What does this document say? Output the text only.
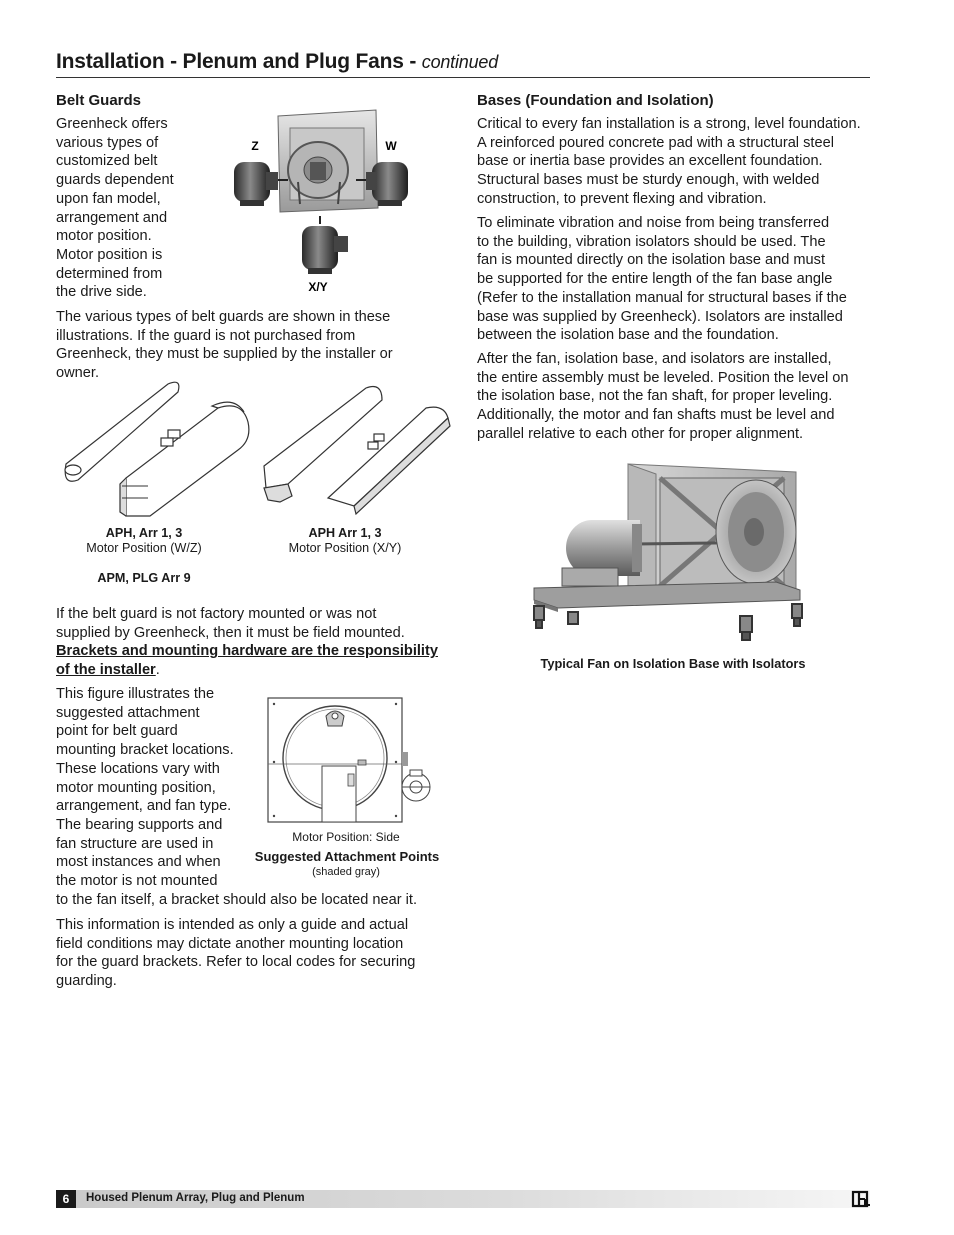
Installation - Plenum and Plug Fans - continued
Belt Guards
Greenheck offers
various types of
customized belt
guards dependent
upon fan model,
arrangement and
motor position.
Motor position is
determined from
the drive side.
Z	W
X/Y
The various types of belt guards are shown in these
illustrations. If the guard is not purchased from
Greenheck, they must be supplied by the installer or
owner.
APH, Arr 1, 3
Motor Position (W/Z)
APH Arr 1, 3
Motor Position (X/Y)
APM, PLG Arr 9
If the belt guard is not factory mounted or was not
supplied by Greenheck, then it must be field mounted.
Brackets and mounting hardware are the responsibility
of the installer.
This figure illustrates the
suggested attachment
point for belt guard
mounting bracket locations.
These locations vary with
motor mounting position,
arrangement, and fan type.
The bearing supports and
fan structure are used in
most instances and when
the motor is not mounted
to the fan itself, a bracket should also be located near it.
Motor Position: Side
Suggested Attachment Points
(shaded gray)
This information is intended as only a guide and actual
field conditions may dictate another mounting location
for the guard brackets. Refer to local codes for securing
guarding.
Bases (Foundation and Isolation)
Critical to every fan installation is a strong, level foundation.
A reinforced poured concrete pad with a structural steel
base or inertia base provides an excellent foundation.
Structural bases must be sturdy enough, with welded
construction, to prevent flexing and vibration.
To eliminate vibration and noise from being transferred
to the building, vibration isolators should be used. The
fan is mounted directly on the isolation base and must
be supported for the entire length of the fan base angle
(Refer to the installation manual for structural bases if the
base was supplied by Greenheck). Isolators are installed
between the isolation base and the foundation.
After the fan, isolation base, and isolators are installed,
the entire assembly must be leveled. Position the level on
the isolation base, not the fan shaft, for proper leveling.
Additionally, the motor and fan shafts must be level and
parallel relative to each other for proper alignment.
Typical Fan on Isolation Base with Isolators
6	Housed Plenum Array, Plug and Plenum
